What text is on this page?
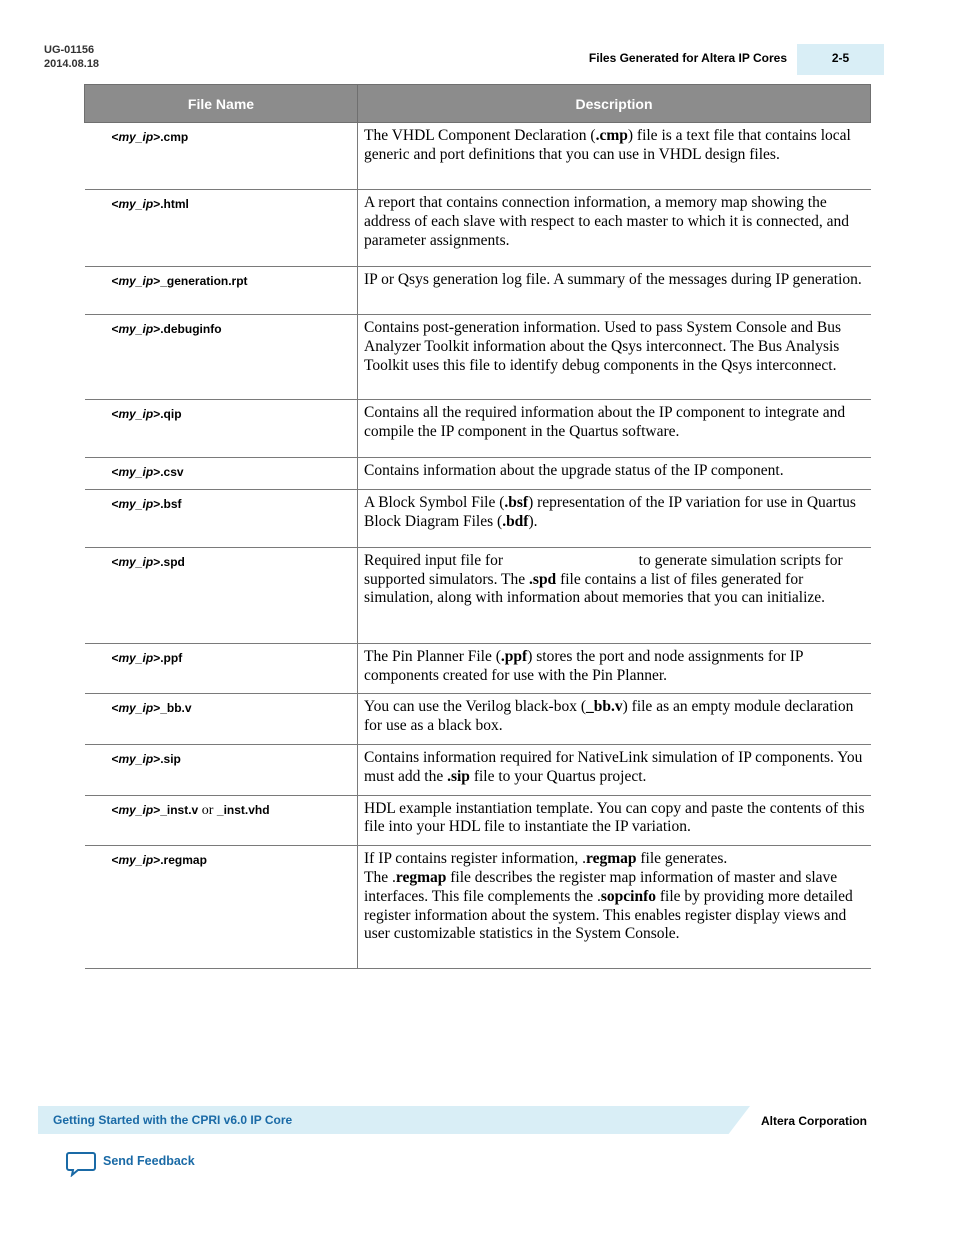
UG-01156
2014.08.18	Files Generated for Altera IP Cores	2-5
File Name	Description
<my_ip>.cmp	The VHDL Component Declaration (.cmp) file is a text file that contains local generic and port definitions that you can use in VHDL design files.
<my_ip>.html	A report that contains connection information, a memory map showing the address of each slave with respect to each master to which it is connected, and parameter assignments.
<my_ip>_generation.rpt	IP or Qsys generation log file. A summary of the messages during IP generation.
<my_ip>.debuginfo	Contains post-generation information. Used to pass System Console and Bus Analyzer Toolkit information about the Qsys interconnect. The Bus Analysis Toolkit uses this file to identify debug components in the Qsys interconnect.
<my_ip>.qip	Contains all the required information about the IP component to integrate and compile the IP component in the Quartus software.
<my_ip>.csv	Contains information about the upgrade status of the IP component.
<my_ip>.bsf	A Block Symbol File (.bsf) representation of the IP variation for use in Quartus Block Diagram Files (.bdf).
<my_ip>.spd	Required input file for                                   to generate simulation scripts for supported simulators. The .spd file contains a list of files generated for simulation, along with information about memories that you can initialize.
<my_ip>.ppf	The Pin Planner File (.ppf) stores the port and node assignments for IP components created for use with the Pin Planner.
<my_ip>_bb.v	You can use the Verilog black-box (_bb.v) file as an empty module declaration for use as a black box.
<my_ip>.sip	Contains information required for NativeLink simulation of IP components. You must add the .sip file to your Quartus project.
<my_ip>_inst.v or _inst.vhd	HDL example instantiation template. You can copy and paste the contents of this file into your HDL file to instantiate the IP variation.
<my_ip>.regmap	If IP contains register information, .regmap file generates.
The .regmap file describes the register map information of master and slave interfaces. This file complements the .sopcinfo file by providing more detailed register information about the system. This enables register display views and user customizable statistics in the System Console.
Getting Started with the CPRI v6.0 IP Core	Altera Corporation
Send Feedback
